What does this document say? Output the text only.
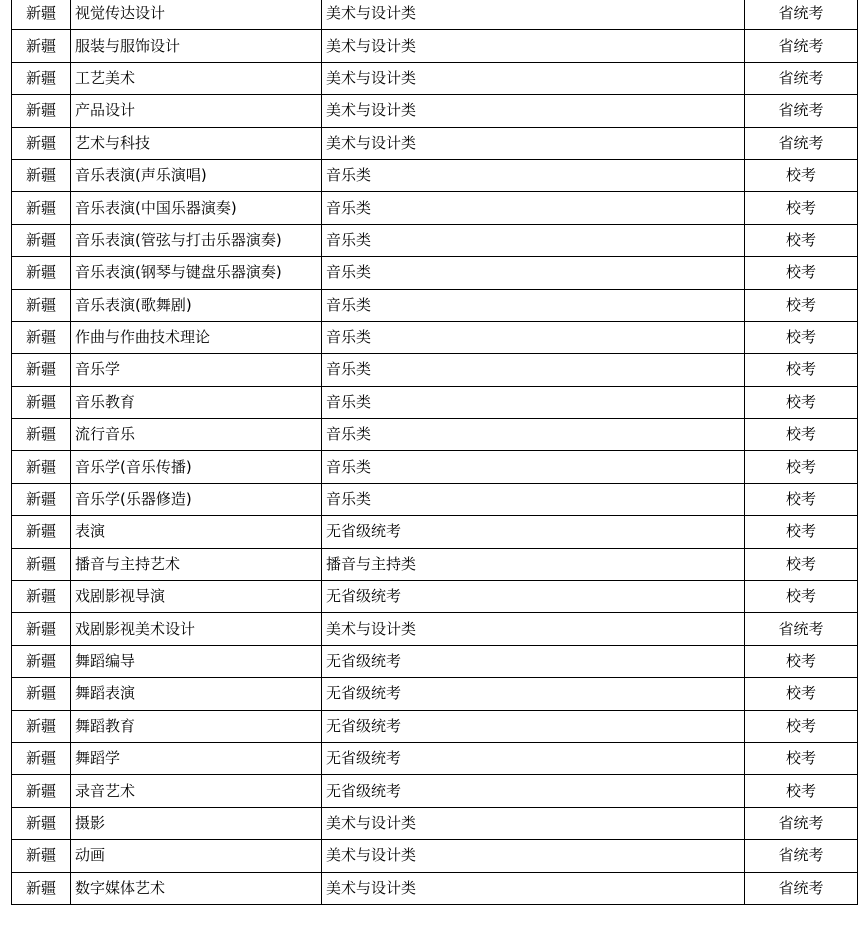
新疆	视觉传达设计	美术与设计类	省统考
新疆	服装与服饰设计	美术与设计类	省统考
新疆	工艺美术	美术与设计类	省统考
新疆	产品设计	美术与设计类	省统考
新疆	艺术与科技	美术与设计类	省统考
新疆	音乐表演(声乐演唱)	音乐类	校考
新疆	音乐表演(中国乐器演奏)	音乐类	校考
新疆	音乐表演(管弦与打击乐器演奏)	音乐类	校考
新疆	音乐表演(钢琴与键盘乐器演奏)	音乐类	校考
新疆	音乐表演(歌舞剧)	音乐类	校考
新疆	作曲与作曲技术理论	音乐类	校考
新疆	音乐学	音乐类	校考
新疆	音乐教育	音乐类	校考
新疆	流行音乐	音乐类	校考
新疆	音乐学(音乐传播)	音乐类	校考
新疆	音乐学(乐器修造)	音乐类	校考
新疆	表演	无省级统考	校考
新疆	播音与主持艺术	播音与主持类	校考
新疆	戏剧影视导演	无省级统考	校考
新疆	戏剧影视美术设计	美术与设计类	省统考
新疆	舞蹈编导	无省级统考	校考
新疆	舞蹈表演	无省级统考	校考
新疆	舞蹈教育	无省级统考	校考
新疆	舞蹈学	无省级统考	校考
新疆	录音艺术	无省级统考	校考
新疆	摄影	美术与设计类	省统考
新疆	动画	美术与设计类	省统考
新疆	数字媒体艺术	美术与设计类	省统考
